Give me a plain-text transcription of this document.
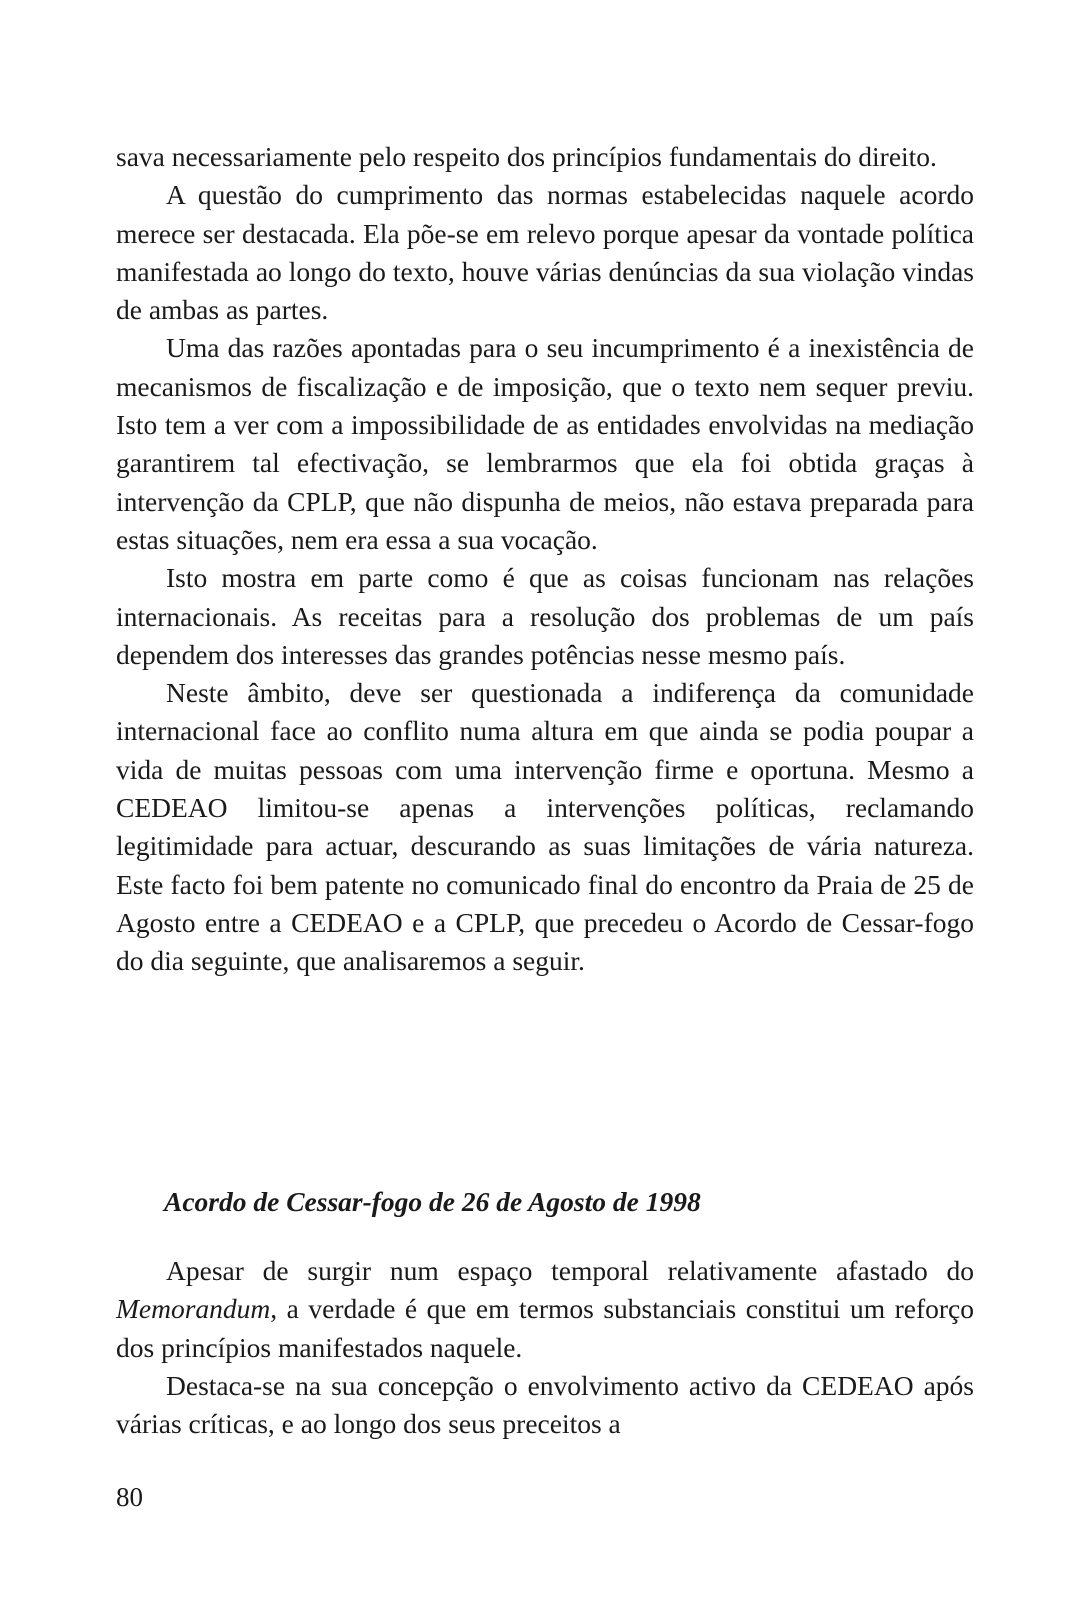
sava necessariamente pelo respeito dos princípios fundamentais do direito.

A questão do cumprimento das normas estabelecidas naquele acordo merece ser destacada. Ela põe-se em relevo porque apesar da vontade política manifestada ao longo do texto, houve várias denúncias da sua violação vindas de ambas as partes.

Uma das razões apontadas para o seu incumprimento é a inexistência de mecanismos de fiscalização e de imposição, que o texto nem sequer previu. Isto tem a ver com a impossibilidade de as entidades envolvidas na mediação garantirem tal efectivação, se lembrarmos que ela foi obtida graças à intervenção da CPLP, que não dispunha de meios, não estava preparada para estas situações, nem era essa a sua vocação.

Isto mostra em parte como é que as coisas funcionam nas relações internacionais. As receitas para a resolução dos problemas de um país dependem dos interesses das grandes potências nesse mesmo país.

Neste âmbito, deve ser questionada a indiferença da comunidade internacional face ao conflito numa altura em que ainda se podia poupar a vida de muitas pessoas com uma intervenção firme e oportuna. Mesmo a CEDEAO limitou-se apenas a intervenções políticas, reclamando legitimidade para actuar, descurando as suas limitações de vária natureza. Este facto foi bem patente no comunicado final do encontro da Praia de 25 de Agosto entre a CEDEAO e a CPLP, que precedeu o Acordo de Cessar-fogo do dia seguinte, que analisaremos a seguir.

Acordo de Cessar-fogo de 26 de Agosto de 1998

Apesar de surgir num espaço temporal relativamente afastado do Memorandum, a verdade é que em termos substanciais constitui um reforço dos princípios manifestados naquele.

Destaca-se na sua concepção o envolvimento activo da CEDEAO após várias críticas, e ao longo dos seus preceitos a

80
